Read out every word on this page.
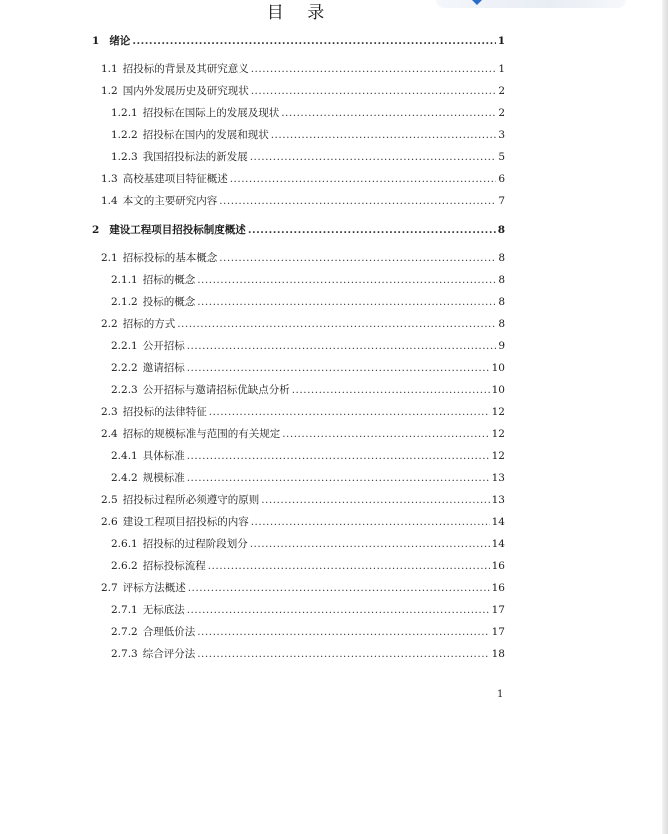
目 录
1 绪论 .....	1
1.1 招投标的背景及其研究意义 .....	1
1.2 国内外发展历史及研究现状 .....	2
1.2.1 招投标在国际上的发展及现状 .....	2
1.2.2 招投标在国内的发展和现状 .....	3
1.2.3 我国招投标法的新发展 .....	5
1.3 高校基建项目特征概述 .....	6
1.4 本文的主要研究内容 .....	7
2 建设工程项目招投标制度概述 .....	8
2.1 招标投标的基本概念 .....	8
2.1.1 招标的概念 .....	8
2.1.2 投标的概念 .....	8
2.2 招标的方式 .....	8
2.2.1 公开招标 .....	9
2.2.2 邀请招标 .....	10
2.2.3 公开招标与邀请招标优缺点分析 .....	10
2.3 招投标的法律特征 .....	12
2.4 招标的规模标准与范围的有关规定 .....	12
2.4.1 具体标准 .....	12
2.4.2 规模标准 .....	13
2.5 招投标过程所必须遵守的原则 .....	13
2.6 建设工程项目招投标的内容 .....	14
2.6.1 招投标的过程阶段划分 .....	14
2.6.2 招标投标流程 .....	16
2.7 评标方法概述 .....	16
2.7.1 无标底法 .....	17
2.7.2 合理低价法 .....	17
2.7.3 综合评分法 .....	18
1
